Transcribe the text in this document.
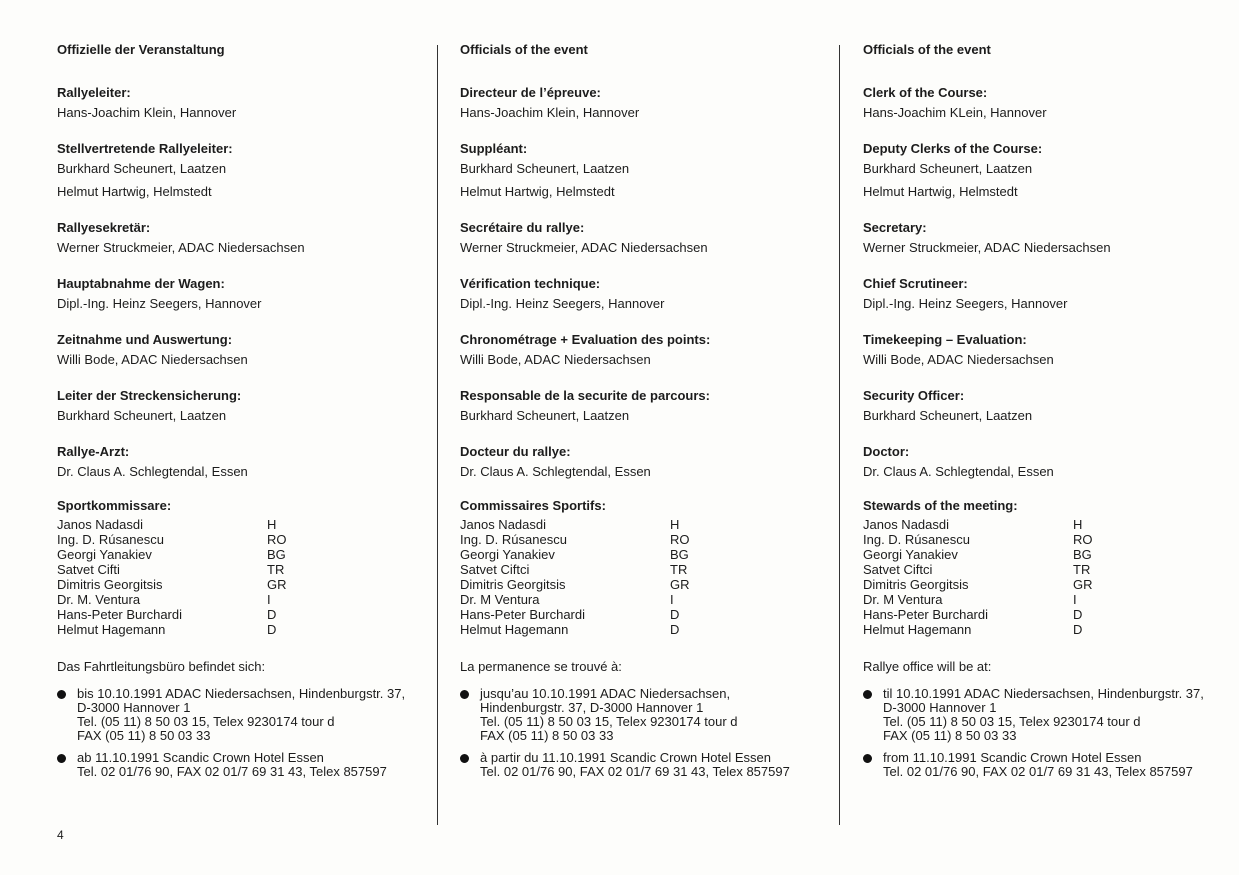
4
Offizielle der Veranstaltung
Rallyeleiter:
Hans-Joachim Klein, Hannover
Stellvertretende Rallyeleiter:
Burkhard Scheunert, Laatzen
Helmut Hartwig, Helmstedt
Rallyesekretär:
Werner Struckmeier, ADAC Niedersachsen
Hauptabnahme der Wagen:
Dipl.-Ing. Heinz Seegers, Hannover
Zeitnahme und Auswertung:
Willi Bode, ADAC Niedersachsen
Leiter der Streckensicherung:
Burkhard Scheunert, Laatzen
Rallye-Arzt:
Dr. Claus A. Schlegtendal, Essen
Sportkommissare:
Janos Nadasdi	H
Ing. D. Rúsanescu	RO
Georgi Yanakiev	BG
Satvet Cifti	TR
Dimitris Georgitsis	GR
Dr. M. Ventura	I
Hans-Peter Burchardi	D
Helmut Hagemann	D
Das Fahrtleitungsbüro befindet sich:
bis 10.10.1991 ADAC Niedersachsen, Hindenburgstr. 37,
D-3000 Hannover 1
Tel. (05 11) 8 50 03 15, Telex 9230174 tour d
FAX (05 11) 8 50 03 33
ab 11.10.1991 Scandic Crown Hotel Essen
Tel. 02 01/76 90, FAX 02 01/7 69 31 43, Telex 857597
Officials of the event
Directeur de l’épreuve:
Hans-Joachim Klein, Hannover
Suppléant:
Burkhard Scheunert, Laatzen
Helmut Hartwig, Helmstedt
Secrétaire du rallye:
Werner Struckmeier, ADAC Niedersachsen
Vérification technique:
Dipl.-Ing. Heinz Seegers, Hannover
Chronométrage + Evaluation des points:
Willi Bode, ADAC Niedersachsen
Responsable de la securite de parcours:
Burkhard Scheunert, Laatzen
Docteur du rallye:
Dr. Claus A. Schlegtendal, Essen
Commissaires Sportifs:
Janos Nadasdi	H
Ing. D. Rúsanescu	RO
Georgi Yanakiev	BG
Satvet Ciftci	TR
Dimitris Georgitsis	GR
Dr. M Ventura	I
Hans-Peter Burchardi	D
Helmut Hagemann	D
La permanence se trouvé à:
jusqu’au 10.10.1991 ADAC Niedersachsen,
Hindenburgstr. 37, D-3000 Hannover 1
Tel. (05 11) 8 50 03 15, Telex 9230174 tour d
FAX (05 11) 8 50 03 33
à partir du 11.10.1991 Scandic Crown Hotel Essen
Tel. 02 01/76 90, FAX 02 01/7 69 31 43, Telex 857597
Officials of the event
Clerk of the Course:
Hans-Joachim KLein, Hannover
Deputy Clerks of the Course:
Burkhard Scheunert, Laatzen
Helmut Hartwig, Helmstedt
Secretary:
Werner Struckmeier, ADAC Niedersachsen
Chief Scrutineer:
Dipl.-Ing. Heinz Seegers, Hannover
Timekeeping – Evaluation:
Willi Bode, ADAC Niedersachsen
Security Officer:
Burkhard Scheunert, Laatzen
Doctor:
Dr. Claus A. Schlegtendal, Essen
Stewards of the meeting:
Janos Nadasdi	H
Ing. D. Rúsanescu	RO
Georgi Yanakiev	BG
Satvet Ciftci	TR
Dimitris Georgitsis	GR
Dr. M Ventura	I
Hans-Peter Burchardi	D
Helmut Hagemann	D
Rallye office will be at:
til 10.10.1991 ADAC Niedersachsen, Hindenburgstr. 37,
D-3000 Hannover 1
Tel. (05 11) 8 50 03 15, Telex 9230174 tour d
FAX (05 11) 8 50 03 33
from 11.10.1991 Scandic Crown Hotel Essen
Tel. 02 01/76 90, FAX 02 01/7 69 31 43, Telex 857597
